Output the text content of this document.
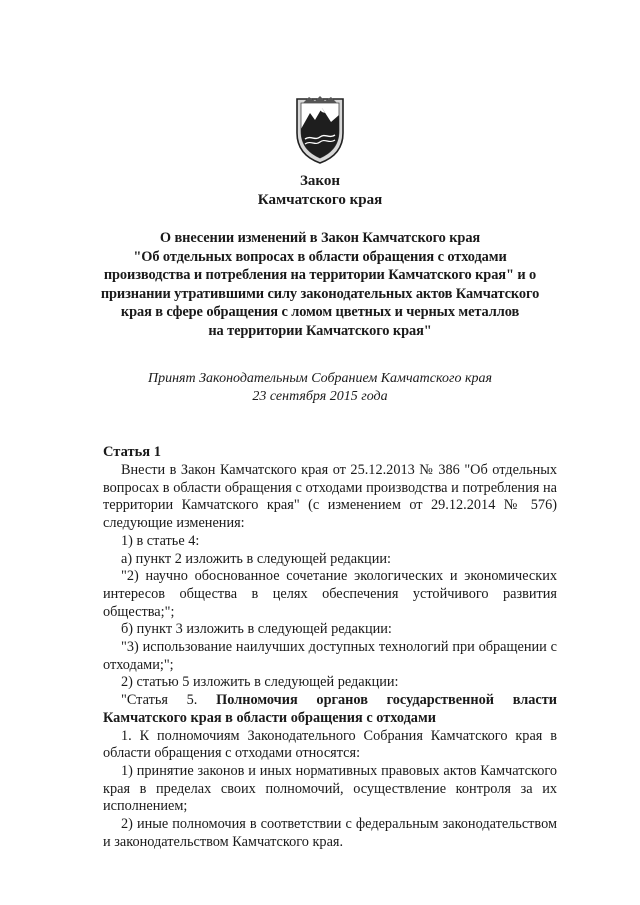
Закон
Камчатского края
О внесении изменений в Закон Камчатского края
"Об отдельных вопросах в области обращения с отходами
производства и потребления на территории Камчатского края" и о
признании утратившими силу законодательных актов Камчатского
края в сфере обращения с ломом цветных и черных металлов
на территории Камчатского края"
Принят Законодательным Собранием Камчатского края
23 сентября 2015 года
Статья 1

Внести в Закон Камчатского края от 25.12.2013 № 386 "Об отдельных вопросах в области обращения с отходами производства и потребления на территории Камчатского края" (с изменением от 29.12.2014 № 576) следующие изменения:

1) в статье 4:

а) пункт 2 изложить в следующей редакции:

"2) научно обоснованное сочетание экологических и экономических интересов общества в целях обеспечения устойчивого развития общества;";

б) пункт 3 изложить в следующей редакции:

"3) использование наилучших доступных технологий при обращении с отходами;";

2) статью 5 изложить в следующей редакции:

"Статья 5. Полномочия органов государственной власти Камчатского края в области обращения с отходами

1. К полномочиям Законодательного Собрания Камчатского края в области обращения с отходами относятся:

1) принятие законов и иных нормативных правовых актов Камчатского края в пределах своих полномочий, осуществление контроля за их исполнением;

2) иные полномочия в соответствии с федеральным законодательством и законодательством Камчатского края.
